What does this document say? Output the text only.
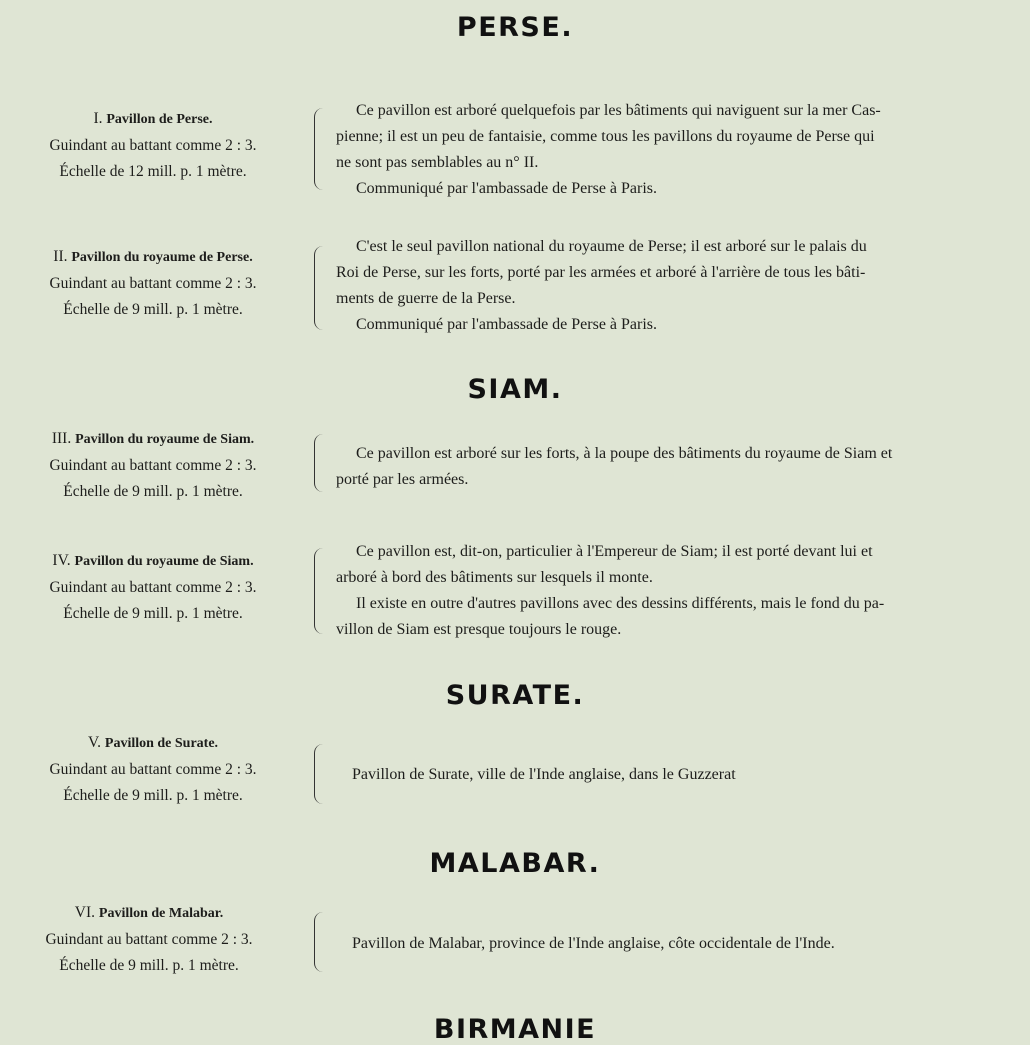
PERSE.
SIAM.
SURATE.
MALABAR.
BIRMANIE
I. Pavillon de Perse.
Guindant au battant comme 2 : 3.
Échelle de 12 mill. p. 1 mètre.
Ce pavillon est arboré quelquefois par les bâtiments qui naviguent sur la mer Cas-
pienne; il est un peu de fantaisie, comme tous les pavillons du royaume de Perse qui
ne sont pas semblables au n° II.
Communiqué par l'ambassade de Perse à Paris.
II. Pavillon du royaume de Perse.
Guindant au battant comme 2 : 3.
Échelle de 9 mill. p. 1 mètre.
C'est le seul pavillon national du royaume de Perse; il est arboré sur le palais du
Roi de Perse, sur les forts, porté par les armées et arboré à l'arrière de tous les bâti-
ments de guerre de la Perse.
Communiqué par l'ambassade de Perse à Paris.
III. Pavillon du royaume de Siam.
Guindant au battant comme 2 : 3.
Échelle de 9 mill. p. 1 mètre.
Ce pavillon est arboré sur les forts, à la poupe des bâtiments du royaume de Siam et
porté par les armées.
IV. Pavillon du royaume de Siam.
Guindant au battant comme 2 : 3.
Échelle de 9 mill. p. 1 mètre.
Ce pavillon est, dit-on, particulier à l'Empereur de Siam; il est porté devant lui et
arboré à bord des bâtiments sur lesquels il monte.
Il existe en outre d'autres pavillons avec des dessins différents, mais le fond du pa-
villon de Siam est presque toujours le rouge.
V. Pavillon de Surate.
Guindant au battant comme 2 : 3.
Échelle de 9 mill. p. 1 mètre.
Pavillon de Surate, ville de l'Inde anglaise, dans le Guzzerat
VI. Pavillon de Malabar.
Guindant au battant comme 2 : 3.
Échelle de 9 mill. p. 1 mètre.
Pavillon de Malabar, province de l'Inde anglaise, côte occidentale de l'Inde.
